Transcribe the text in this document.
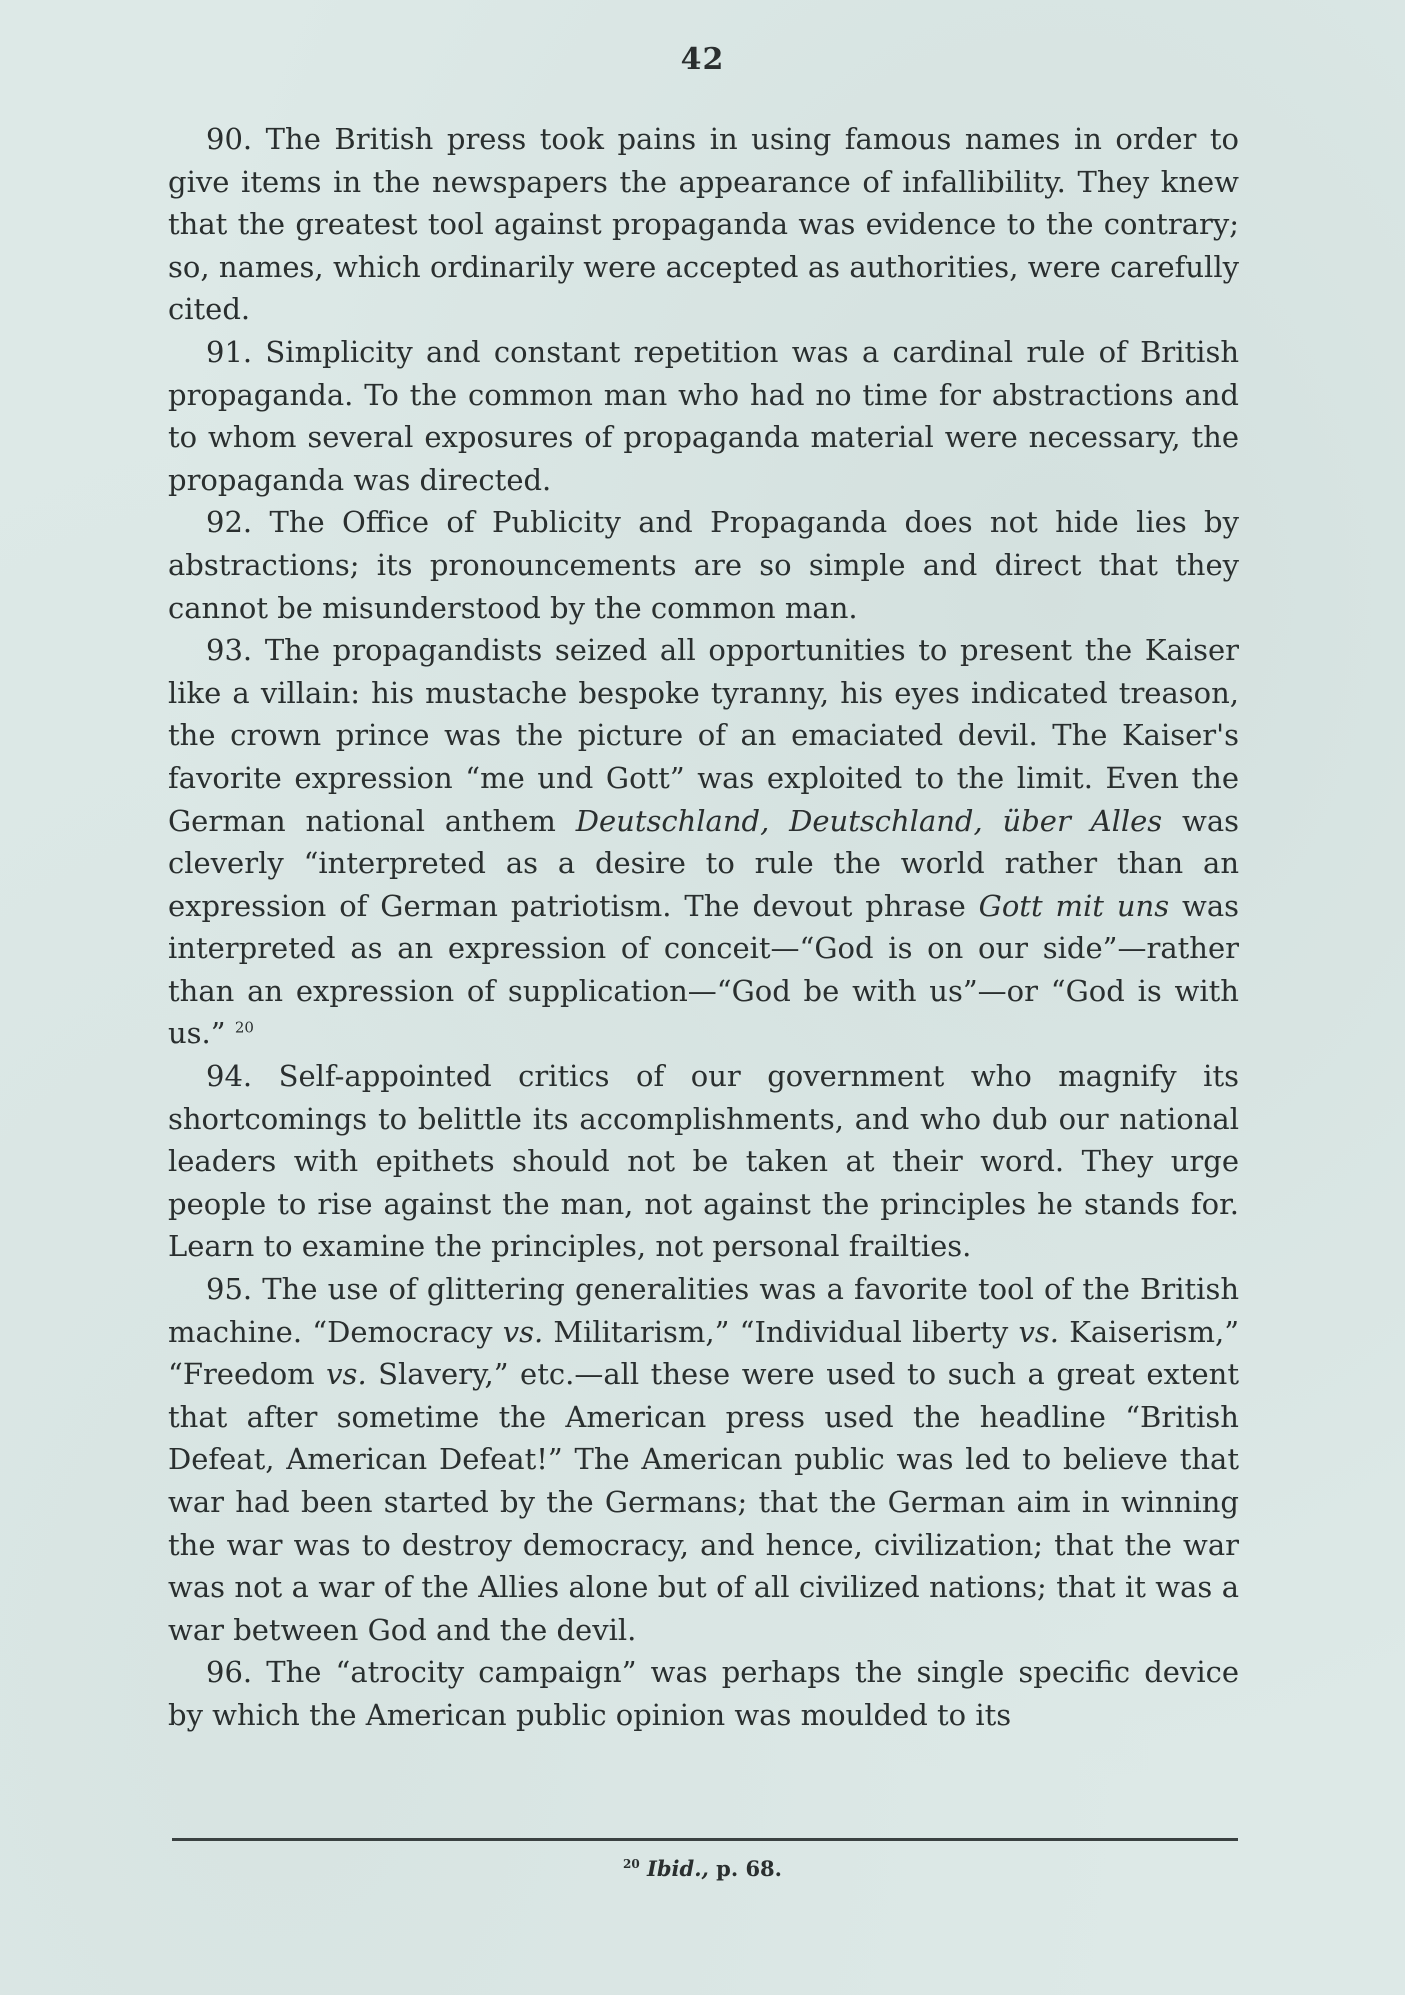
42

90. The British press took pains in using famous names in order to give items in the newspapers the appearance of infallibility. They knew that the greatest tool against propaganda was evidence to the contrary; so, names, which ordinarily were accepted as authorities, were carefully cited.

91. Simplicity and constant repetition was a cardinal rule of British propaganda. To the common man who had no time for abstractions and to whom several exposures of propaganda material were necessary, the propaganda was directed.

92. The Office of Publicity and Propaganda does not hide lies by abstractions; its pronouncements are so simple and direct that they cannot be misunderstood by the common man.

93. The propagandists seized all opportunities to present the Kaiser like a villain: his mustache bespoke tyranny, his eyes indicated treason, the crown prince was the picture of an emaciated devil. The Kaiser's favorite expression “me und Gott” was exploited to the limit. Even the German national anthem Deutschland, Deutschland, über Alles was cleverly “interpreted as a desire to rule the world rather than an expression of German patriotism. The devout phrase Gott mit uns was interpreted as an expression of conceit—“God is on our side”—rather than an expression of supplication—“God be with us”—or “God is with us.” $^{20}$

94. Self-appointed critics of our government who magnify its shortcomings to belittle its accomplishments, and who dub our national leaders with epithets should not be taken at their word. They urge people to rise against the man, not against the principles he stands for. Learn to examine the principles, not personal frailties.

95. The use of glittering generalities was a favorite tool of the British machine. “Democracy vs. Militarism,” “Individual liberty vs. Kaiserism,” “Freedom vs. Slavery,” etc.—all these were used to such a great extent that after sometime the American press used the headline “British Defeat, American Defeat!” The American public was led to believe that war had been started by the Germans; that the German aim in winning the war was to destroy democracy, and hence, civilization; that the war was not a war of the Allies alone but of all civilized nations; that it was a war between God and the devil.

96. The “atrocity campaign” was perhaps the single specific device by which the American public opinion was moulded to its

$^{20}$ Ibid., p. 68.
